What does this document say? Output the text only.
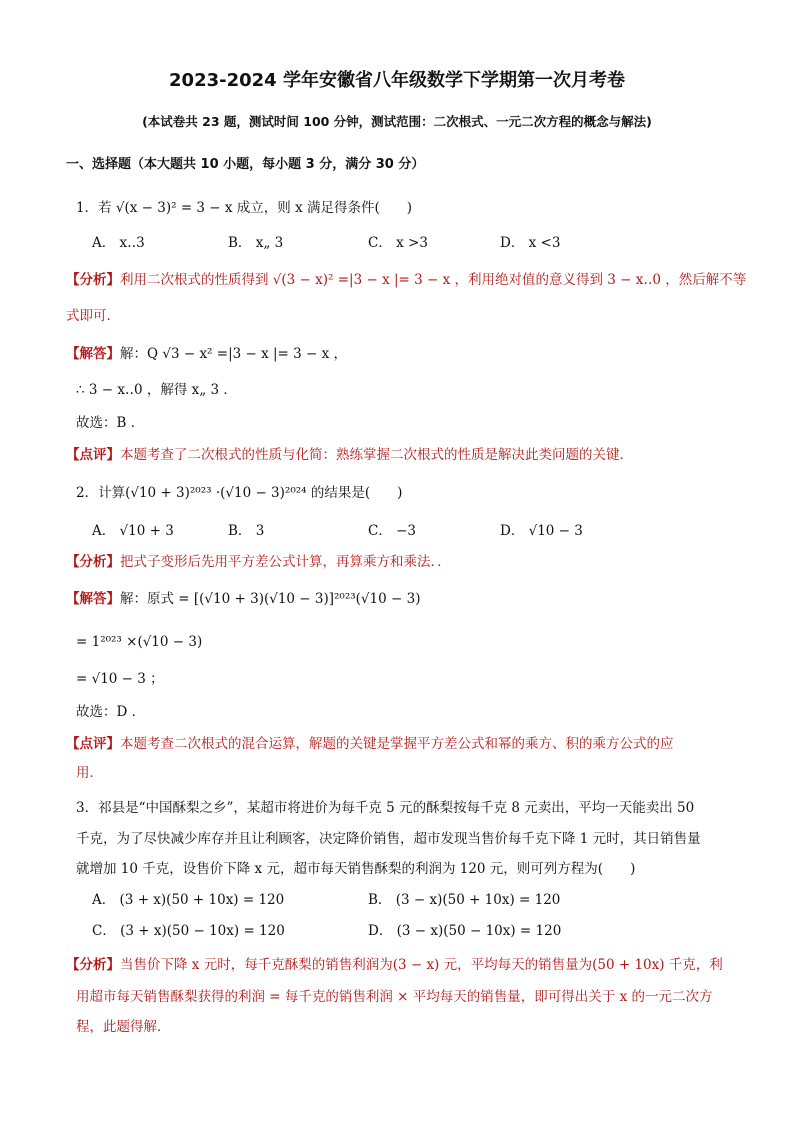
2023-2024 学年安徽省八年级数学下学期第一次月考卷
(本试卷共 23 题，测试时间 100 分钟，测试范围：二次根式、一元二次方程的概念与解法)
一、选择题（本大题共 10 小题，每小题 3 分，满分 30 分）
1．若 √(x − 3)² = 3 − x 成立，则 x 满足得条件(　　)
A． x‥3	B． x„ 3	C． x >3	D． x <3
【分析】利用二次根式的性质得到 √(3 − x)² =|3 − x |= 3 − x ，利用绝对值的意义得到 3 − x‥0 ，然后解不等
式即可．
【解答】解：Q √3 − x² =|3 − x |= 3 − x ，
∴ 3 − x‥0 ，解得 x„ 3 ．
故选：B ．
【点评】本题考查了二次根式的性质与化简：熟练掌握二次根式的性质是解决此类问题的关键．
2．计算(√10 + 3)²⁰²³ ·(√10 − 3)²⁰²⁴ 的结果是(　　)
A． √10 + 3	B． 3	C． −3	D． √10 − 3
【分析】把式子变形后先用平方差公式计算，再算乘方和乘法．．
【解答】解：原式 = [(√10 + 3)(√10 − 3)]²⁰²³(√10 − 3)
= 1²⁰²³ ×(√10 − 3)
= √10 − 3 ；
故选：D ．
【点评】本题考查二次根式的混合运算，解题的关键是掌握平方差公式和幂的乘方、积的乘方公式的应
用．
3．祁县是“中国酥梨之乡”，某超市将进价为每千克 5 元的酥梨按每千克 8 元卖出，平均一天能卖出 50
千克，为了尽快减少库存并且让利顾客，决定降价销售，超市发现当售价每千克下降 1 元时，其日销售量
就增加 10 千克，设售价下降 x 元，超市每天销售酥梨的利润为 120 元，则可列方程为(　　)
A． (3 + x)(50 + 10x) = 120	B． (3 − x)(50 + 10x) = 120
C． (3 + x)(50 − 10x) = 120	D． (3 − x)(50 − 10x) = 120
【分析】当售价下降 x 元时，每千克酥梨的销售利润为(3 − x) 元，平均每天的销售量为(50 + 10x) 千克，利
用超市每天销售酥梨获得的利润 = 每千克的销售利润 × 平均每天的销售量，即可得出关于 x 的一元二次方
程，此题得解．
